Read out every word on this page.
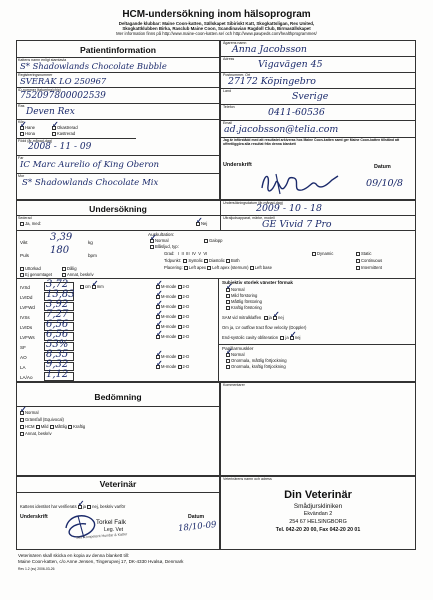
HCM-undersökning inom hälsoprogram
Deltagande klubbar: Maine Coon-katten, Sällskapet Sibiriskt Katt, Skogkattsligan, Rex United,
Skogkattklubben Birka, Rasclub Maine Coon, Scandinavian Ragdoll Club, Birmasällskapet
Mer information finns på http://www.maine-coon-katten.se/ och http://www.pawpeds.com/healthprogrammes/
Patientinformation
Kattens namn enligt stamtavla
S* Shadowlands Chocolate Bubble
Registreringsnummer
SVERAK LO 250967
ID-nummer (tatuering/chip)
752097800002539
Ras
Deven Rex
Kön
✓Hane ✓	Okastrerad
Hona	Kastrerad
Född (år-månad-dag)
2008 - 11 - 09
Far
IC Marc Aurelio of King Oberon
Mor
S* Shadowlands Chocolate Mix
Ägarens namn
Anna Jacobsson
Adress	Vigavägen 45
Postnummer, Ort
27172 Köpingebro
Land	Sverige
Telefon	0411-60536
Email
ad.jacobsson@telia.com
Jag är införstådd med att resultatet arkiveras hos Maine Coon-katten samt ger Maine Coon-katten tillstånd att offentliggöra alla resultat från denna blankett
Underskrift	Datum
09/10/8
Undersökning
Undersökningsdatum (år-månad-dag)
2009 - 10 - 18
Sederad
Ja, med: ✓	Nej
Ultraljudsapparat, märke, modell
GE Vivid 7 Pro
Vikt 3,39	kg
Puls 180	bpm
Uttorkad	Dålig
Ej genomtaget	Annat, beskriv
Auskultation:
✓Normal	Galopp
Blåsljud, typ:
Grad: I II III IV V VI
Tidpunkt: Systolic Diastolic Both
Placering: Left apex Left apex (sternum) Left base
Dynamic	Static
Continuous
Intermittent
IVSd 3,72	cm ✓ mm ✓	M-mode 2-D
LVIDd 13,83 ✓	M-mode 2-D
LVFWd 3,92 ✓	M-mode 2-D
IVSs 7,27 ✓	M-mode 2-D
LVIDs 6,56 ✓	M-mode 2-D
LVFWs 6,56 ✓	M-mode 2-D
SF 53%
AO 8,35 ✓	M-mode 2-D
LA 9,32 ✓	M-mode 2-D
LA/Ao 1,12
Subjektiv storlek vänster förmak
✓Normal
Mild förstoring
Måttlig förstoring
Kraftig förstoring
SAM vid mitralklaffen ja ✓ nej
Om ja, LV outflow tract flow velocity (Doppler)
End-systolic cavity obliteration ja ✓ nej
Papillarmuskler
✓Normal
Onormala, måttlig förtjockning
Onormala, kraftig förtjockning
Kommentarer
Bedömning
✓Normal
Gränsfall (Equivocal)
HCM Mild Måttlig Kraftig
Annat, beskriv
Veterinär
Kattens identitet har verifierats ✓ ja nej, beskriv varför
Underskrift	Datum
Torkel Falk
Leg. Vet
Ses Kompetent Hundar & Katter
18/10-09
Veterinärens namn och adress
Din Veterinär
Smådjurskliniken
Ekvändan 2
254 67 HELSINGBORG
Tel. 042-20 20 00, Fax 042-20 20 01
Veterinären skall skicka en kopia av denna blankett till:
Maine Coon-katten, c/o Anne Jensen, Tingerupvej 17, DK-4330 Hvalsø, Denmark
Rev 1.2 (sv) 2006-03-26
